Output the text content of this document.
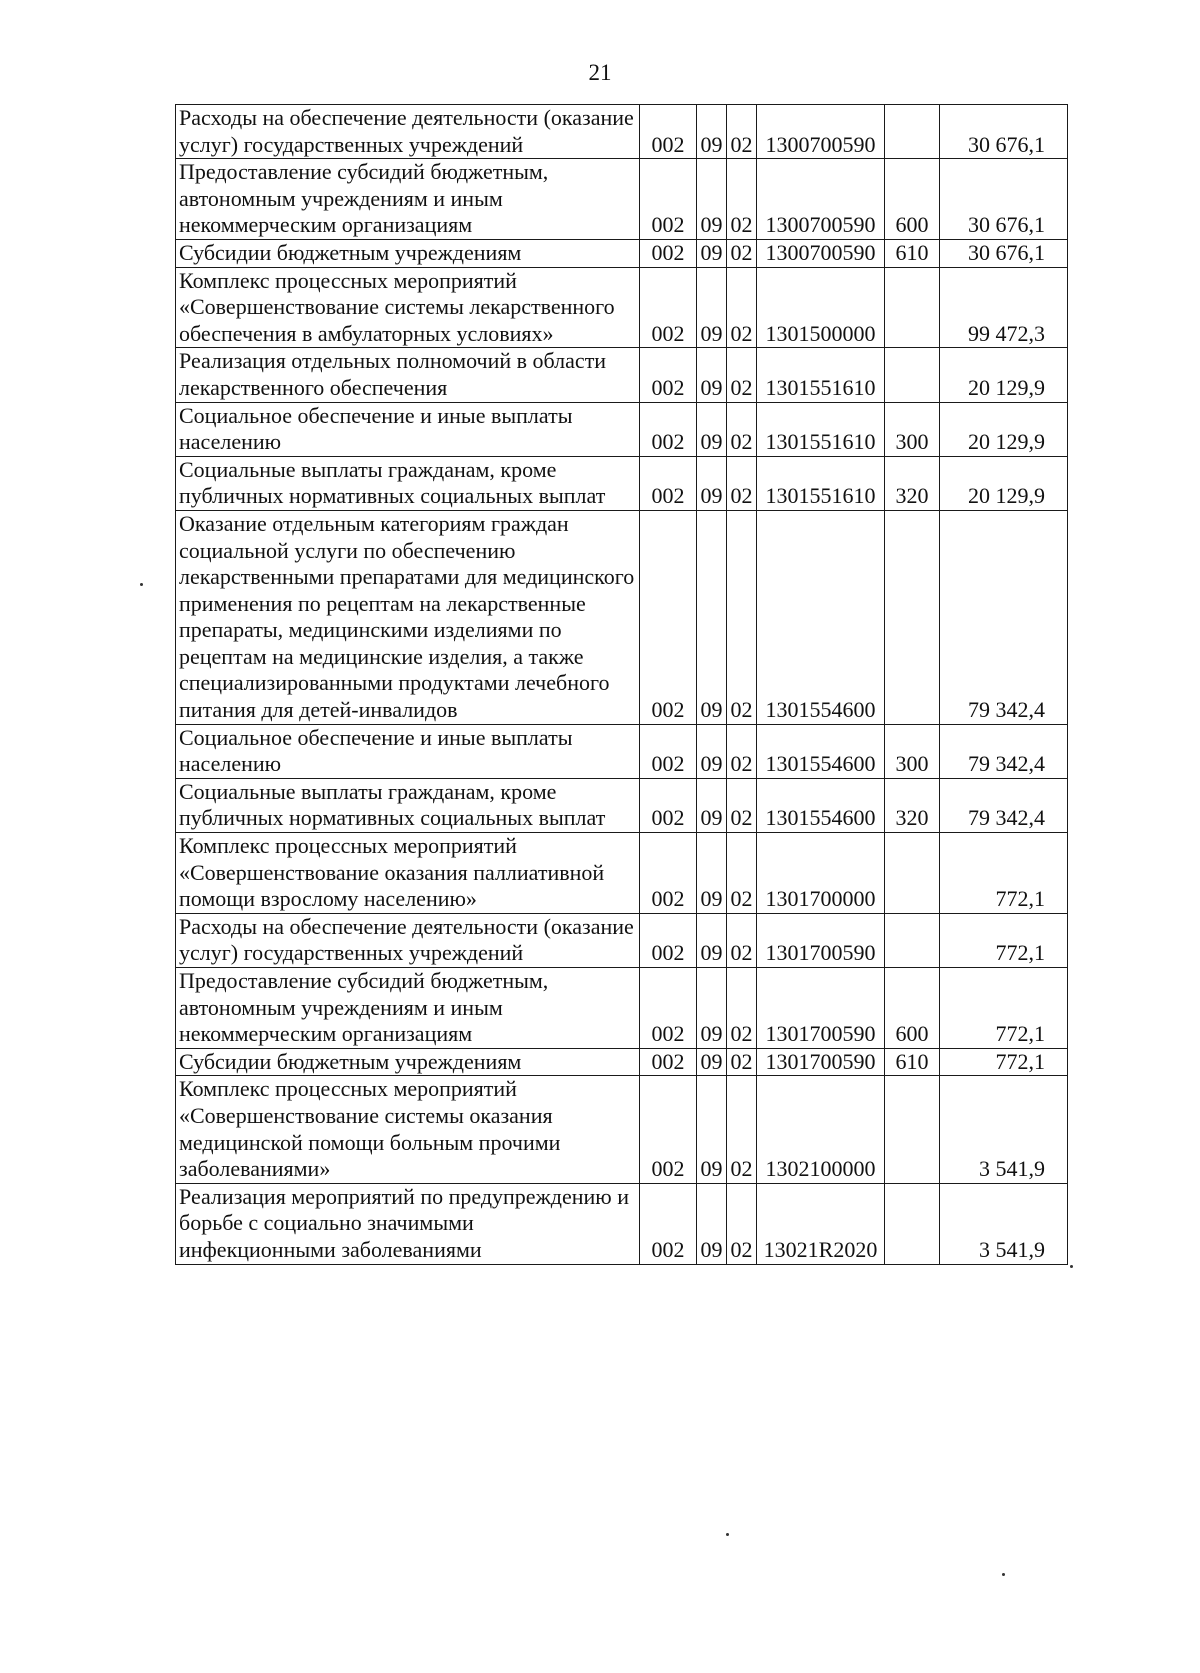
21
Расходы на обеспечение деятельности (оказание услуг) государственных учреждений	002	09	02	1300700590		30 676,1
Предоставление субсидий бюджетным, автономным учреждениям и иным некоммерческим организациям	002	09	02	1300700590	600	30 676,1
Субсидии бюджетным учреждениям	002	09	02	1300700590	610	30 676,1
Комплекс процессных мероприятий «Совершенствование системы лекарственного обеспечения в амбулаторных условиях»	002	09	02	1301500000		99 472,3
Реализация отдельных полномочий в области лекарственного обеспечения	002	09	02	1301551610		20 129,9
Социальное обеспечение и иные выплаты населению	002	09	02	1301551610	300	20 129,9
Социальные выплаты гражданам, кроме публичных нормативных социальных выплат	002	09	02	1301551610	320	20 129,9
Оказание отдельным категориям граждан социальной услуги по обеспечению лекарственными препаратами для медицинского применения по рецептам на лекарственные препараты, медицинскими изделиями по рецептам на медицинские изделия, а также специализированными продуктами лечебного питания для детей-инвалидов	002	09	02	1301554600		79 342,4
Социальное обеспечение и иные выплаты населению	002	09	02	1301554600	300	79 342,4
Социальные выплаты гражданам, кроме публичных нормативных социальных выплат	002	09	02	1301554600	320	79 342,4
Комплекс процессных мероприятий «Совершенствование оказания паллиативной помощи взрослому населению»	002	09	02	1301700000		772,1
Расходы на обеспечение деятельности (оказание услуг) государственных учреждений	002	09	02	1301700590		772,1
Предоставление субсидий бюджетным, автономным учреждениям и иным некоммерческим организациям	002	09	02	1301700590	600	772,1
Субсидии бюджетным учреждениям	002	09	02	1301700590	610	772,1
Комплекс процессных мероприятий «Совершенствование системы оказания медицинской помощи больным прочими заболеваниями»	002	09	02	1302100000		3 541,9
Реализация мероприятий по предупреждению и борьбе с социально значимыми инфекционными заболеваниями	002	09	02	13021R2020		3 541,9
